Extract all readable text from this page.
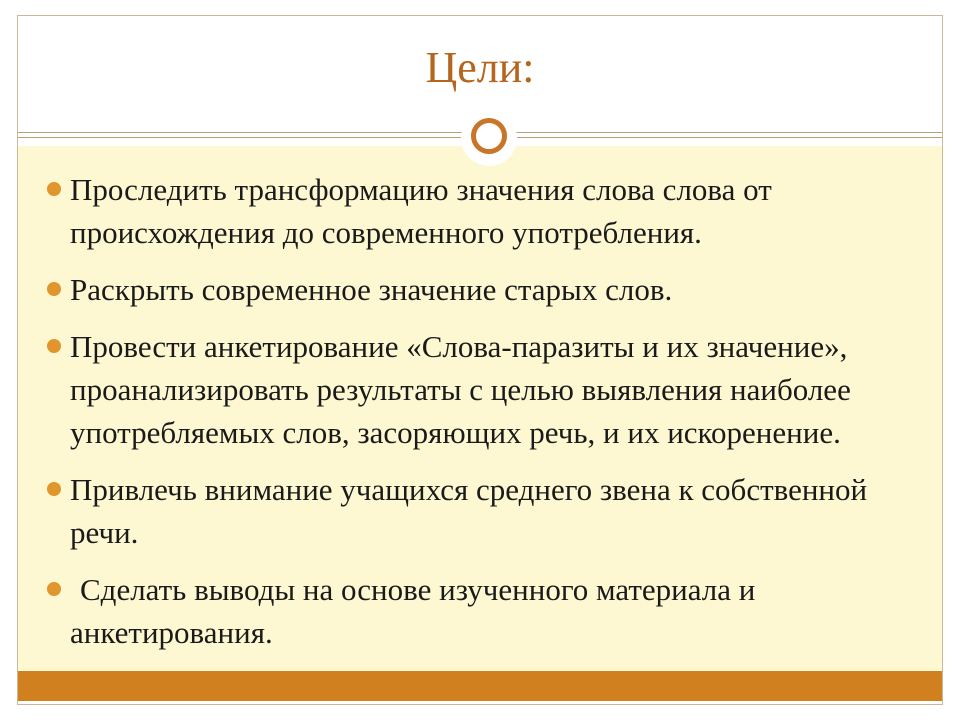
Цели:
Проследить трансформацию значения слова слова от происхождения до современного употребления.
Раскрыть современное значение старых слов.
Провести анкетирование «Слова-паразиты и их значение», проанализировать результаты с целью выявления наиболее употребляемых слов, засоряющих речь, и их искоренение.
Привлечь внимание учащихся среднего звена к собственной речи.
Сделать выводы на основе изученного материала и анкетирования.
